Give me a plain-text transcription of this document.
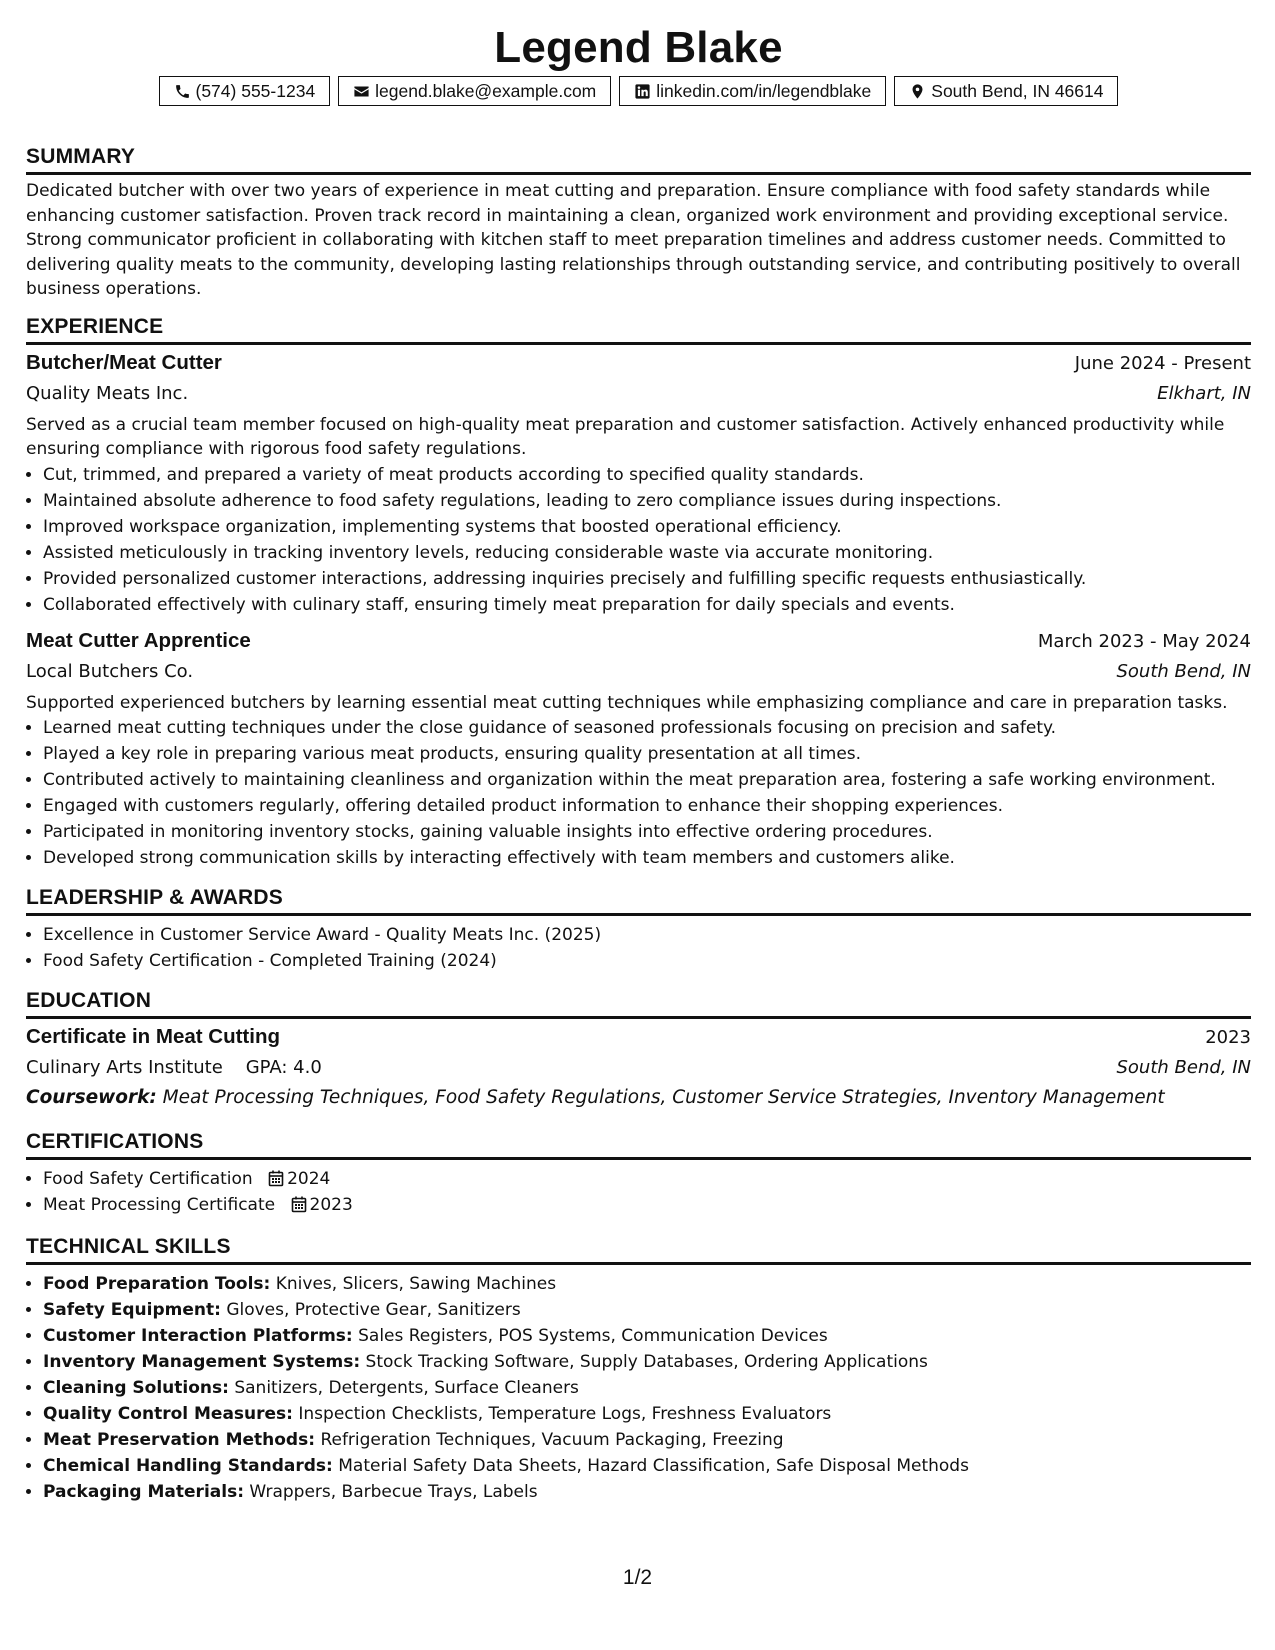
Legend Blake
(574) 555-1234	legend.blake@example.com	linkedin.com/in/legendblake	South Bend, IN 46614
SUMMARY

Dedicated butcher with over two years of experience in meat cutting and preparation. Ensure compliance with food safety standards while enhancing customer satisfaction. Proven track record in maintaining a clean, organized work environment and providing exceptional service. Strong communicator proficient in collaborating with kitchen staff to meet preparation timelines and address customer needs. Committed to delivering quality meats to the community, developing lasting relationships through outstanding service, and contributing positively to overall business operations.

EXPERIENCE
Butcher/Meat Cutter	June 2024 - Present
Quality Meats Inc.	Elkhart, IN

Served as a crucial team member focused on high-quality meat preparation and customer satisfaction. Actively enhanced productivity while ensuring compliance with rigorous food safety regulations.

• Cut, trimmed, and prepared a variety of meat products according to specified quality standards.
• Maintained absolute adherence to food safety regulations, leading to zero compliance issues during inspections.
• Improved workspace organization, implementing systems that boosted operational efficiency.
• Assisted meticulously in tracking inventory levels, reducing considerable waste via accurate monitoring.
• Provided personalized customer interactions, addressing inquiries precisely and fulfilling specific requests enthusiastically.
• Collaborated effectively with culinary staff, ensuring timely meat preparation for daily specials and events.
Meat Cutter Apprentice	March 2023 - May 2024
Local Butchers Co.	South Bend, IN

Supported experienced butchers by learning essential meat cutting techniques while emphasizing compliance and care in preparation tasks.

• Learned meat cutting techniques under the close guidance of seasoned professionals focusing on precision and safety.
• Played a key role in preparing various meat products, ensuring quality presentation at all times.
• Contributed actively to maintaining cleanliness and organization within the meat preparation area, fostering a safe working environment.
• Engaged with customers regularly, offering detailed product information to enhance their shopping experiences.
• Participated in monitoring inventory stocks, gaining valuable insights into effective ordering procedures.
• Developed strong communication skills by interacting effectively with team members and customers alike.
LEADERSHIP & AWARDS
• Excellence in Customer Service Award - Quality Meats Inc. (2025)
• Food Safety Certification - Completed Training (2024)
EDUCATION
Certificate in Meat Cutting	2023
Culinary Arts Institute GPA: 4.0	South Bend, IN
Coursework: Meat Processing Techniques, Food Safety Regulations, Customer Service Strategies, Inventory Management
CERTIFICATIONS
• Food Safety Certification 2024
• Meat Processing Certificate 2023
TECHNICAL SKILLS
• Food Preparation Tools: Knives, Slicers, Sawing Machines
• Safety Equipment: Gloves, Protective Gear, Sanitizers
• Customer Interaction Platforms: Sales Registers, POS Systems, Communication Devices
• Inventory Management Systems: Stock Tracking Software, Supply Databases, Ordering Applications
• Cleaning Solutions: Sanitizers, Detergents, Surface Cleaners
• Quality Control Measures: Inspection Checklists, Temperature Logs, Freshness Evaluators
• Meat Preservation Methods: Refrigeration Techniques, Vacuum Packaging, Freezing
• Chemical Handling Standards: Material Safety Data Sheets, Hazard Classification, Safe Disposal Methods
• Packaging Materials: Wrappers, Barbecue Trays, Labels
1/2
